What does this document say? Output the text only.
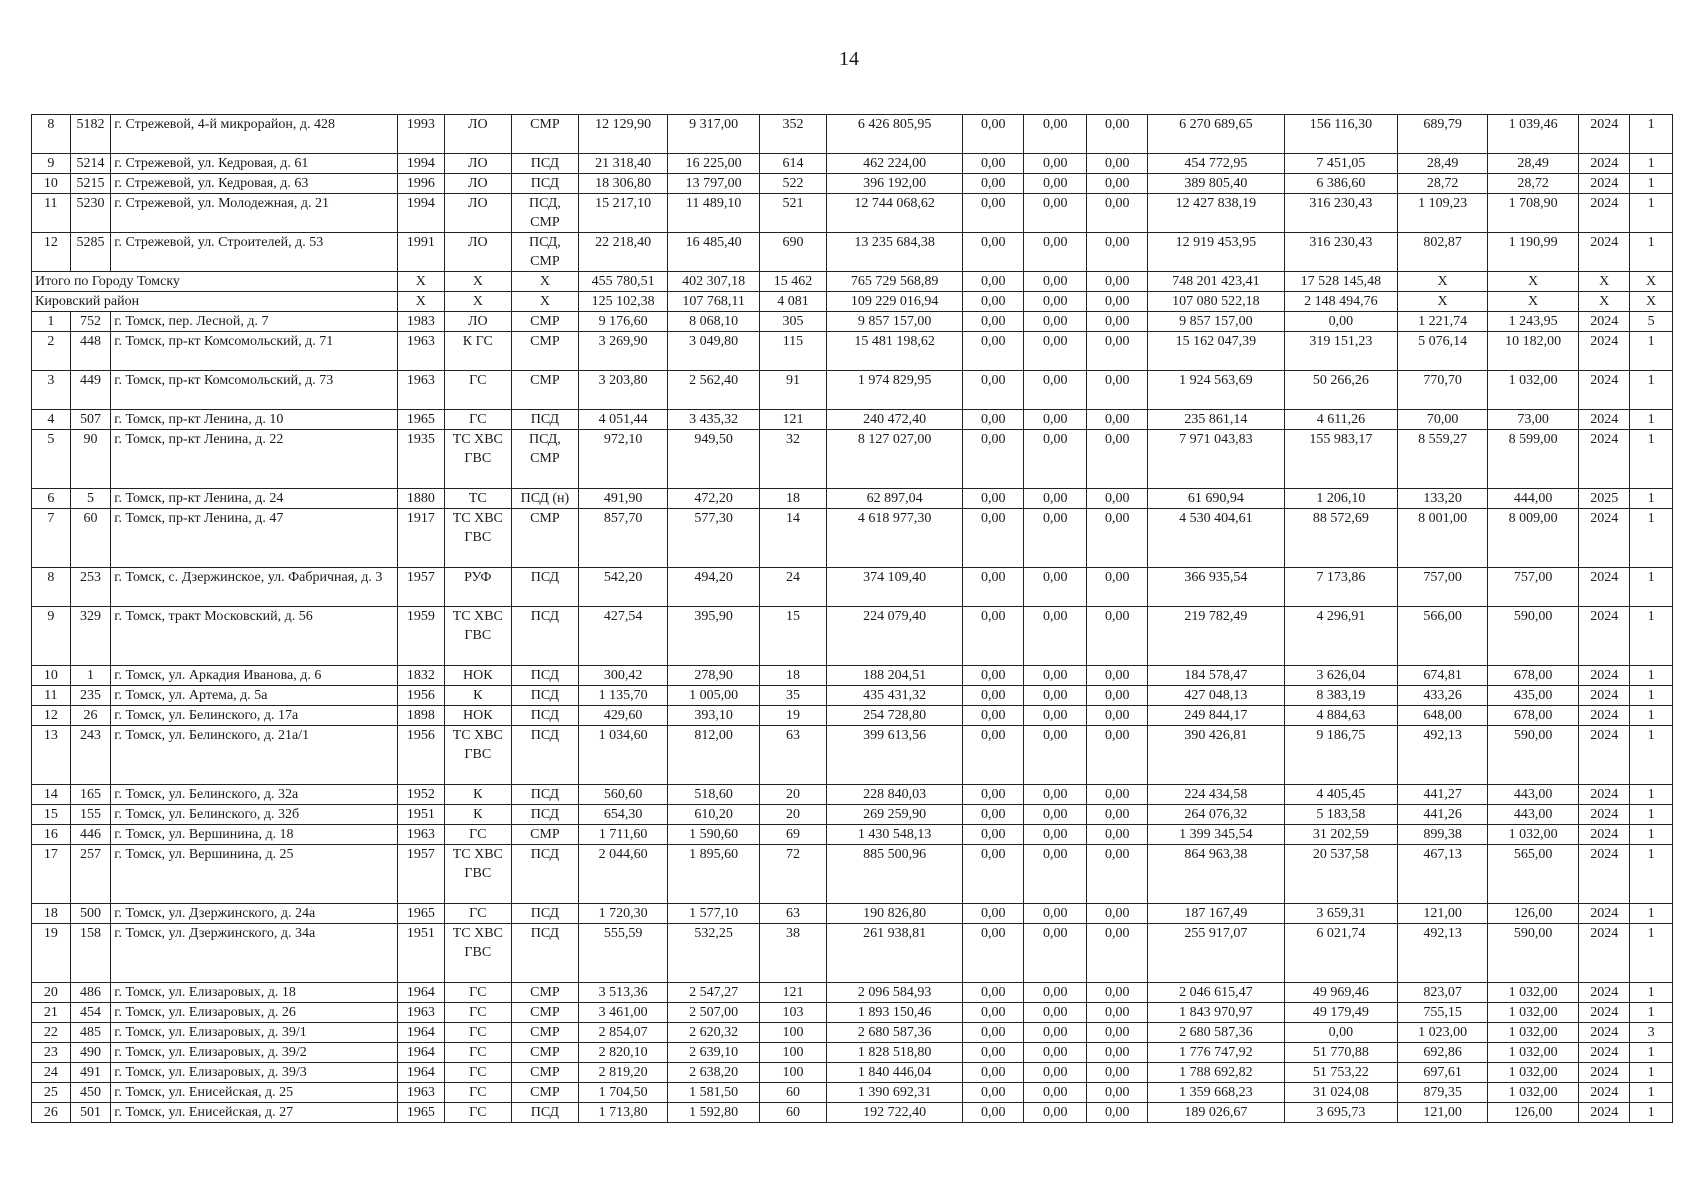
14
8	5182	г. Стрежевой, 4-й микрорайон, д. 428	1993	ЛО	СМР	12 129,90	9 317,00	352	6 426 805,95	0,00	0,00	0,00	6 270 689,65	156 116,30	689,79	1 039,46	2024	1
9	5214	г. Стрежевой, ул. Кедровая, д. 61	1994	ЛО	ПСД	21 318,40	16 225,00	614	462 224,00	0,00	0,00	0,00	454 772,95	7 451,05	28,49	28,49	2024	1
10	5215	г. Стрежевой, ул. Кедровая, д. 63	1996	ЛО	ПСД	18 306,80	13 797,00	522	396 192,00	0,00	0,00	0,00	389 805,40	6 386,60	28,72	28,72	2024	1
11	5230	г. Стрежевой, ул. Молодежная, д. 21	1994	ЛО	ПСД, СМР	15 217,10	11 489,10	521	12 744 068,62	0,00	0,00	0,00	12 427 838,19	316 230,43	1 109,23	1 708,90	2024	1
12	5285	г. Стрежевой, ул. Строителей, д. 53	1991	ЛО	ПСД, СМР	22 218,40	16 485,40	690	13 235 684,38	0,00	0,00	0,00	12 919 453,95	316 230,43	802,87	1 190,99	2024	1
Итого по Городу Томску			X	X	X	455 780,51	402 307,18	15 462	765 729 568,89	0,00	0,00	0,00	748 201 423,41	17 528 145,48	X	X	X	X
Кировский район			X	X	X	125 102,38	107 768,11	4 081	109 229 016,94	0,00	0,00	0,00	107 080 522,18	2 148 494,76	X	X	X	X
1	752	г. Томск, пер. Лесной, д. 7	1983	ЛО	СМР	9 176,60	8 068,10	305	9 857 157,00	0,00	0,00	0,00	9 857 157,00	0,00	1 221,74	1 243,95	2024	5
2	448	г. Томск, пр-кт Комсомольский, д. 71	1963	К ГС	СМР	3 269,90	3 049,80	115	15 481 198,62	0,00	0,00	0,00	15 162 047,39	319 151,23	5 076,14	10 182,00	2024	1
3	449	г. Томск, пр-кт Комсомольский, д. 73	1963	ГС	СМР	3 203,80	2 562,40	91	1 974 829,95	0,00	0,00	0,00	1 924 563,69	50 266,26	770,70	1 032,00	2024	1
4	507	г. Томск, пр-кт Ленина, д. 10	1965	ГС	ПСД	4 051,44	3 435,32	121	240 472,40	0,00	0,00	0,00	235 861,14	4 611,26	70,00	73,00	2024	1
5	90	г. Томск, пр-кт Ленина, д. 22	1935	ТС ХВС ГВС	ПСД, СМР	972,10	949,50	32	8 127 027,00	0,00	0,00	0,00	7 971 043,83	155 983,17	8 559,27	8 599,00	2024	1
6	5	г. Томск, пр-кт Ленина, д. 24	1880	ТС	ПСД (н)	491,90	472,20	18	62 897,04	0,00	0,00	0,00	61 690,94	1 206,10	133,20	444,00	2025	1
7	60	г. Томск, пр-кт Ленина, д. 47	1917	ТС ХВС ГВС	СМР	857,70	577,30	14	4 618 977,30	0,00	0,00	0,00	4 530 404,61	88 572,69	8 001,00	8 009,00	2024	1
8	253	г. Томск, с. Дзержинское, ул. Фабричная, д. 3	1957	РУФ	ПСД	542,20	494,20	24	374 109,40	0,00	0,00	0,00	366 935,54	7 173,86	757,00	757,00	2024	1
9	329	г. Томск, тракт Московский, д. 56	1959	ТС ХВС ГВС	ПСД	427,54	395,90	15	224 079,40	0,00	0,00	0,00	219 782,49	4 296,91	566,00	590,00	2024	1
10	1	г. Томск, ул. Аркадия Иванова, д. 6	1832	НОК	ПСД	300,42	278,90	18	188 204,51	0,00	0,00	0,00	184 578,47	3 626,04	674,81	678,00	2024	1
11	235	г. Томск, ул. Артема, д. 5а	1956	К	ПСД	1 135,70	1 005,00	35	435 431,32	0,00	0,00	0,00	427 048,13	8 383,19	433,26	435,00	2024	1
12	26	г. Томск, ул. Белинского, д. 17а	1898	НОК	ПСД	429,60	393,10	19	254 728,80	0,00	0,00	0,00	249 844,17	4 884,63	648,00	678,00	2024	1
13	243	г. Томск, ул. Белинского, д. 21а/1	1956	ТС ХВС ГВС	ПСД	1 034,60	812,00	63	399 613,56	0,00	0,00	0,00	390 426,81	9 186,75	492,13	590,00	2024	1
14	165	г. Томск, ул. Белинского, д. 32а	1952	К	ПСД	560,60	518,60	20	228 840,03	0,00	0,00	0,00	224 434,58	4 405,45	441,27	443,00	2024	1
15	155	г. Томск, ул. Белинского, д. 32б	1951	К	ПСД	654,30	610,20	20	269 259,90	0,00	0,00	0,00	264 076,32	5 183,58	441,26	443,00	2024	1
16	446	г. Томск, ул. Вершинина, д. 18	1963	ГС	СМР	1 711,60	1 590,60	69	1 430 548,13	0,00	0,00	0,00	1 399 345,54	31 202,59	899,38	1 032,00	2024	1
17	257	г. Томск, ул. Вершинина, д. 25	1957	ТС ХВС ГВС	ПСД	2 044,60	1 895,60	72	885 500,96	0,00	0,00	0,00	864 963,38	20 537,58	467,13	565,00	2024	1
18	500	г. Томск, ул. Дзержинского, д. 24а	1965	ГС	ПСД	1 720,30	1 577,10	63	190 826,80	0,00	0,00	0,00	187 167,49	3 659,31	121,00	126,00	2024	1
19	158	г. Томск, ул. Дзержинского, д. 34а	1951	ТС ХВС ГВС	ПСД	555,59	532,25	38	261 938,81	0,00	0,00	0,00	255 917,07	6 021,74	492,13	590,00	2024	1
20	486	г. Томск, ул. Елизаровых, д. 18	1964	ГС	СМР	3 513,36	2 547,27	121	2 096 584,93	0,00	0,00	0,00	2 046 615,47	49 969,46	823,07	1 032,00	2024	1
21	454	г. Томск, ул. Елизаровых, д. 26	1963	ГС	СМР	3 461,00	2 507,00	103	1 893 150,46	0,00	0,00	0,00	1 843 970,97	49 179,49	755,15	1 032,00	2024	1
22	485	г. Томск, ул. Елизаровых, д. 39/1	1964	ГС	СМР	2 854,07	2 620,32	100	2 680 587,36	0,00	0,00	0,00	2 680 587,36	0,00	1 023,00	1 032,00	2024	3
23	490	г. Томск, ул. Елизаровых, д. 39/2	1964	ГС	СМР	2 820,10	2 639,10	100	1 828 518,80	0,00	0,00	0,00	1 776 747,92	51 770,88	692,86	1 032,00	2024	1
24	491	г. Томск, ул. Елизаровых, д. 39/3	1964	ГС	СМР	2 819,20	2 638,20	100	1 840 446,04	0,00	0,00	0,00	1 788 692,82	51 753,22	697,61	1 032,00	2024	1
25	450	г. Томск, ул. Енисейская, д. 25	1963	ГС	СМР	1 704,50	1 581,50	60	1 390 692,31	0,00	0,00	0,00	1 359 668,23	31 024,08	879,35	1 032,00	2024	1
26	501	г. Томск, ул. Енисейская, д. 27	1965	ГС	ПСД	1 713,80	1 592,80	60	192 722,40	0,00	0,00	0,00	189 026,67	3 695,73	121,00	126,00	2024	1
